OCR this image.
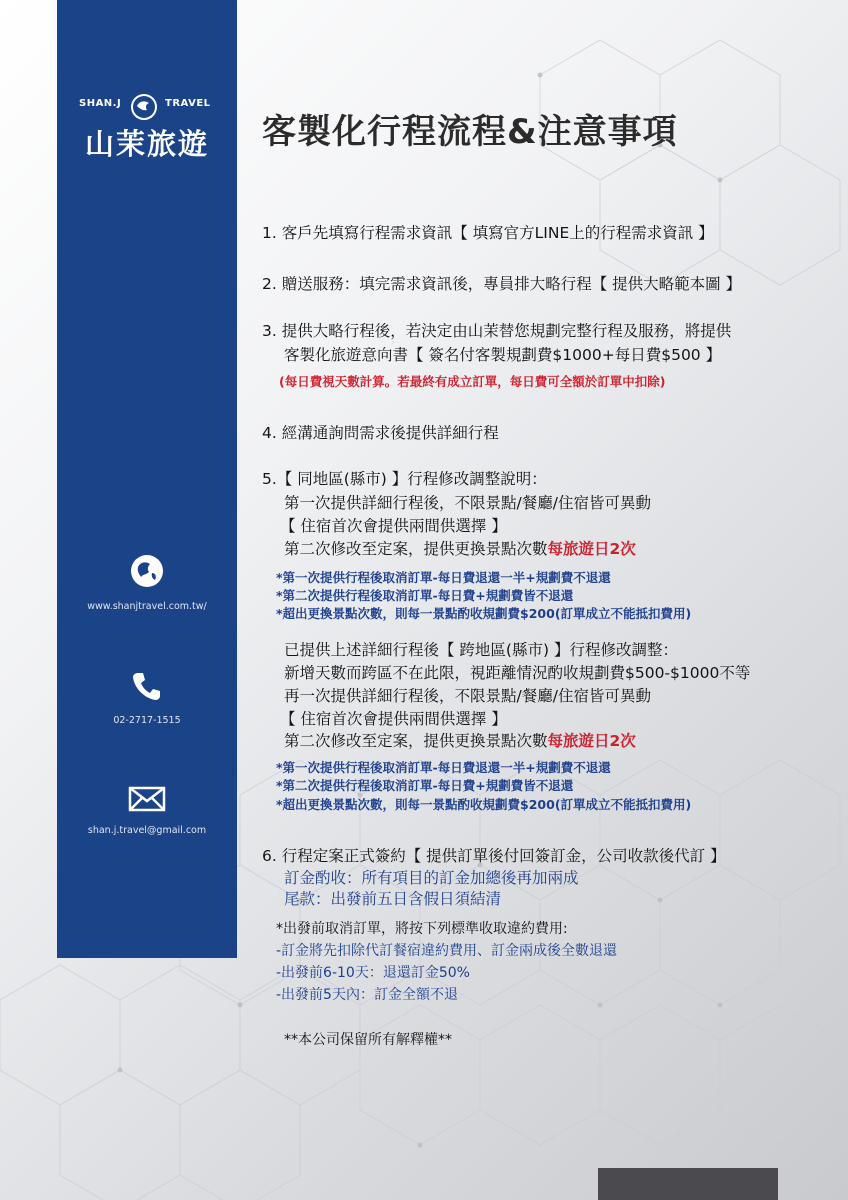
SHAN.J	TRAVEL
山茉旅遊
www.shanjtravel.com.tw/
02-2717-1515
shan.j.travel@gmail.com
客製化行程流程&注意事項
1. 客戶先填寫行程需求資訊【 填寫官方LINE上的行程需求資訊 】
2. 贈送服務：填完需求資訊後，專員排大略行程【 提供大略範本圖 】
3. 提供大略行程後，若決定由山茉替您規劃完整行程及服務，將提供
客製化旅遊意向書【 簽名付客製規劃費$1000+每日費$500 】
(每日費視天數計算。若最終有成立訂單，每日費可全額於訂單中扣除)
4. 經溝通詢問需求後提供詳細行程
5.【 同地區(縣市) 】行程修改調整說明：
第一次提供詳細行程後，不限景點/餐廳/住宿皆可異動
【 住宿首次會提供兩間供選擇 】
第二次修改至定案，提供更換景點次數每旅遊日2次
*第一次提供行程後取消訂單-每日費退還一半+規劃費不退還
*第二次提供行程後取消訂單-每日費+規劃費皆不退還
*超出更換景點次數，則每一景點酌收規劃費$200(訂單成立不能抵扣費用)
已提供上述詳細行程後【 跨地區(縣市) 】行程修改調整：
新增天數而跨區不在此限，視距離情況酌收規劃費$500-$1000不等
再一次提供詳細行程後，不限景點/餐廳/住宿皆可異動
【 住宿首次會提供兩間供選擇 】
第二次修改至定案，提供更換景點次數每旅遊日2次
*第一次提供行程後取消訂單-每日費退還一半+規劃費不退還
*第二次提供行程後取消訂單-每日費+規劃費皆不退還
*超出更換景點次數，則每一景點酌收規劃費$200(訂單成立不能抵扣費用)
6. 行程定案正式簽約【 提供訂單後付回簽訂金，公司收款後代訂 】
訂金酌收：所有項目的訂金加總後再加兩成
尾款：出發前五日含假日須結清
*出發前取消訂單，將按下列標準收取違約費用:
-訂金將先扣除代訂餐宿違約費用、訂金兩成後全數退還
-出發前6-10天：退還訂金50%
-出發前5天內：訂金全額不退
**本公司保留所有解釋權**
